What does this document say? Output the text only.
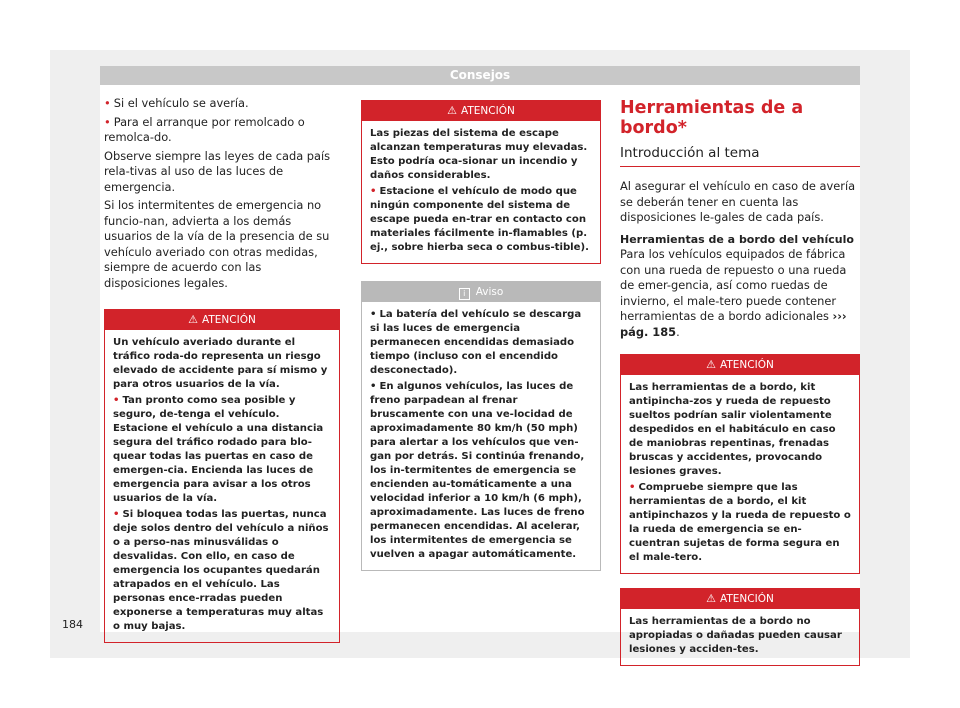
Consejos

• Si el vehículo se avería.

• Para el arranque por remolcado o remolca-do.

Observe siempre las leyes de cada país rela-tivas al uso de las luces de emergencia.

Si los intermitentes de emergencia no funcio-nan, advierta a los demás usuarios de la vía de la presencia de su vehículo averiado con otras medidas, siempre de acuerdo con las disposiciones legales.

⚠ ATENCIÓN

Un vehículo averiado durante el tráfico roda-do representa un riesgo elevado de accidente para sí mismo y para otros usuarios de la vía.

• Tan pronto como sea posible y seguro, de-tenga el vehículo. Estacione el vehículo a una distancia segura del tráfico rodado para blo-quear todas las puertas en caso de emergen-cia. Encienda las luces de emergencia para avisar a los otros usuarios de la vía.

• Si bloquea todas las puertas, nunca deje solos dentro del vehículo a niños o a perso-nas minusválidas o desvalidas. Con ello, en caso de emergencia los ocupantes quedarán atrapados en el vehículo. Las personas ence-rradas pueden exponerse a temperaturas muy altas o muy bajas.

⚠ ATENCIÓN

Las piezas del sistema de escape alcanzan temperaturas muy elevadas. Esto podría oca-sionar un incendio y daños considerables.

• Estacione el vehículo de modo que ningún componente del sistema de escape pueda en-trar en contacto con materiales fácilmente in-flamables (p. ej., sobre hierba seca o combus-tible).

i Aviso

• La batería del vehículo se descarga si las luces de emergencia permanecen encendidas demasiado tiempo (incluso con el encendido desconectado).

• En algunos vehículos, las luces de freno parpadean al frenar bruscamente con una ve-locidad de aproximadamente 80 km/h (50 mph) para alertar a los vehículos que ven-gan por detrás. Si continúa frenando, los in-termitentes de emergencia se encienden au-tomáticamente a una velocidad inferior a 10 km/h (6 mph), aproximadamente. Las luces de freno permanecen encendidas. Al acelerar, los intermitentes de emergencia se vuelven a apagar automáticamente.

Herramientas de a bordo*
Introducción al tema

Al asegurar el vehículo en caso de avería se deberán tener en cuenta las disposiciones le-gales de cada país.

Herramientas de a bordo del vehículo

Para los vehículos equipados de fábrica con una rueda de repuesto o una rueda de emer-gencia, así como ruedas de invierno, el male-tero puede contener herramientas de a bordo adicionales ››› pág. 185.

⚠ ATENCIÓN

Las herramientas de a bordo, kit antipincha-zos y rueda de repuesto sueltos podrían salir violentamente despedidos en el habitáculo en caso de maniobras repentinas, frenadas bruscas y accidentes, provocando lesiones graves.

• Compruebe siempre que las herramientas de a bordo, el kit antipinchazos y la rueda de repuesto o la rueda de emergencia se en-cuentran sujetas de forma segura en el male-tero.

⚠ ATENCIÓN

Las herramientas de a bordo no apropiadas o dañadas pueden causar lesiones y acciden-tes.

184
